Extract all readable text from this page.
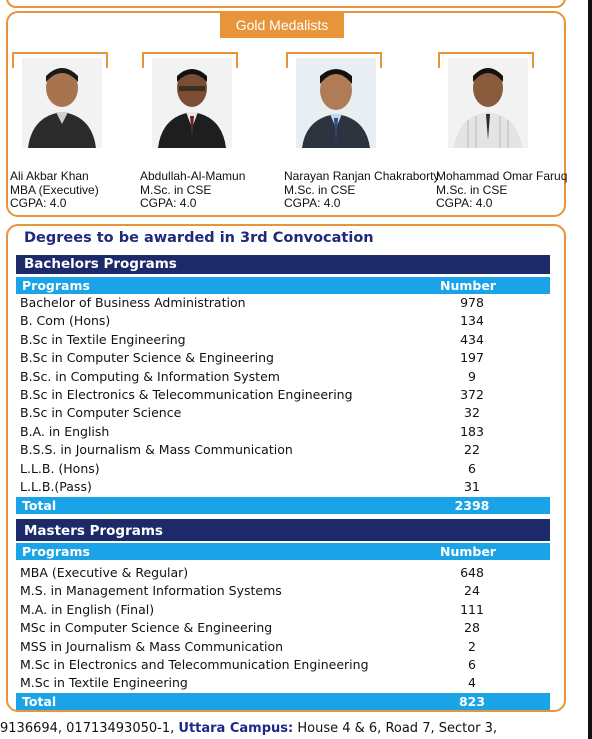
Gold Medalists
Ali Akbar Khan
MBA (Executive)
CGPA: 4.0
Abdullah-Al-Mamun
M.Sc. in CSE
CGPA: 4.0
Narayan Ranjan Chakraborty
M.Sc. in CSE
CGPA: 4.0
Mohammad Omar Faruq
M.Sc. in CSE
CGPA: 4.0
Degrees to be awarded in 3rd Convocation
Bachelors Programs
Programs	Number
Bachelor of Business Administration	978
B. Com (Hons)	134
B.Sc in Textile Engineering	434
B.Sc in Computer Science & Engineering	197
B.Sc. in Computing & Information System	9
B.Sc in Electronics & Telecommunication Engineering	372
B.Sc in Computer Science	32
B.A. in English	183
B.S.S. in Journalism & Mass Communication	22
L.L.B. (Hons)	6
L.L.B.(Pass)	31
Total	2398
Masters Programs
Programs	Number
MBA (Executive & Regular)	648
M.S. in Management Information Systems	24
M.A. in English (Final)	111
MSc in Computer Science & Engineering	28
MSS in Journalism & Mass Communication	2
M.Sc in Electronics and Telecommunication Engineering	6
M.Sc in Textile Engineering	4
Total	823
9136694, 01713493050-1, Uttara Campus: House 4 & 6, Road 7, Sector 3,
